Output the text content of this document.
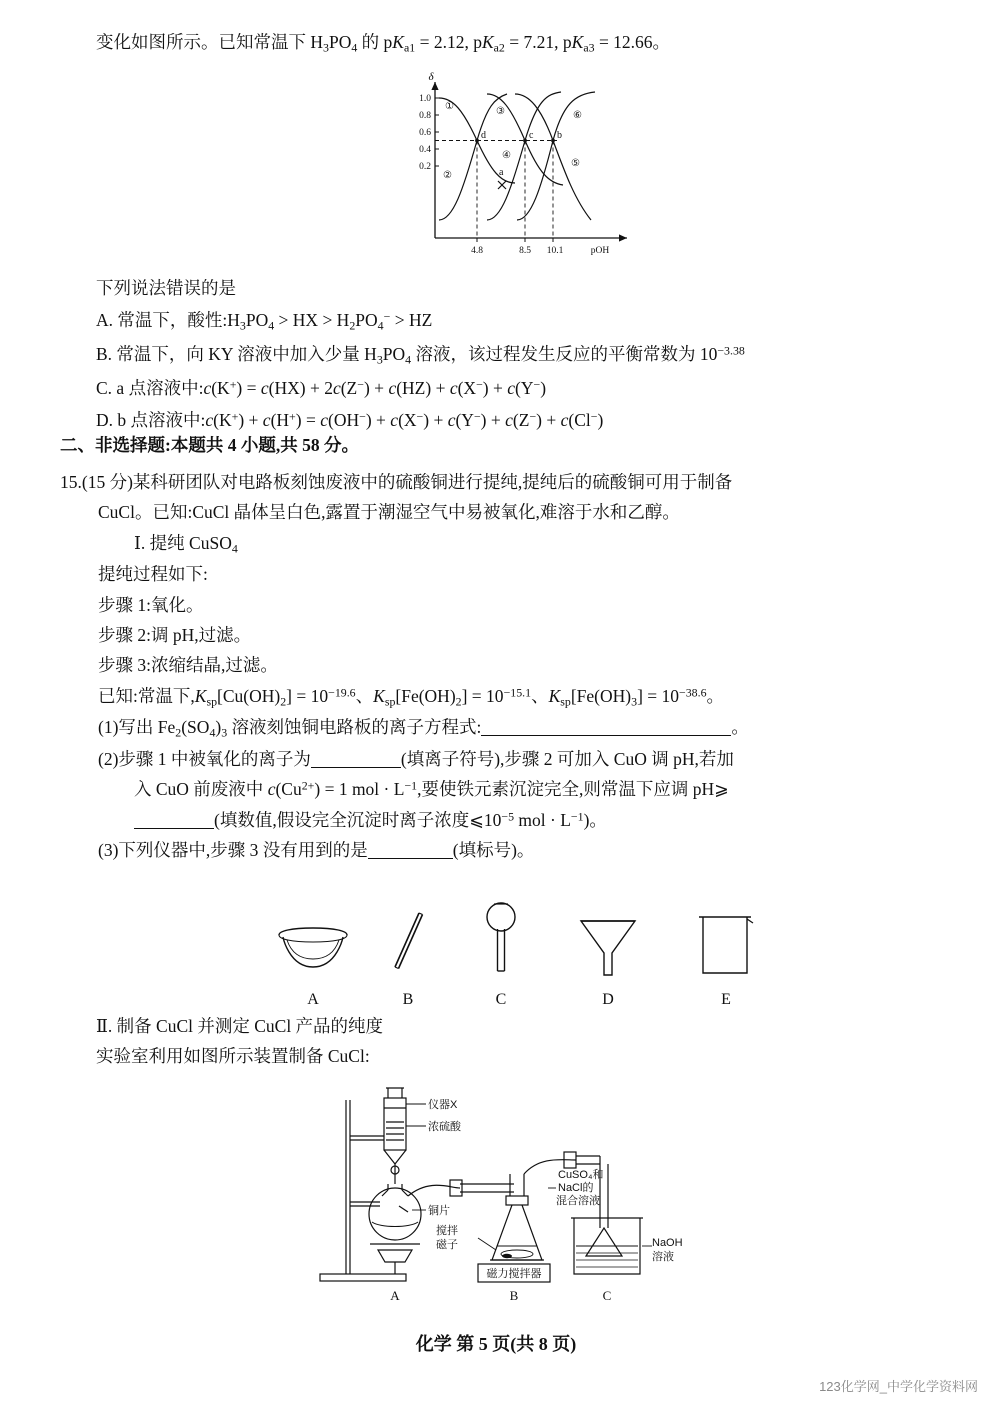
变化如图所示。已知常温下 $H_3PO_4$ 的 $pK_{a1} = 2.12$, $pK_{a2} = 7.21$, $pK_{a3} = 12.66$。
δ
1.0
0.8
0.6
0.4
0.2
4.8	8.5 10.1	pOH
①
②
③
④
⑤
⑥
d	c b
a
下列说法错误的是
A. 常温下，酸性$:H_3PO_4$ > HX > $H_2PO_4^-$ > HZ
B. 常温下，向 KY 溶液中加入少量 $H_3PO_4$ 溶液，该过程发生反应的平衡常数为 $10^{-3.38}$
C. a 点溶液中:c(K+) = c(HX) + 2c(Z−) + c(HZ) + c(X−) + c(Y−)
D. b 点溶液中:c(K+) + c(H+) = c(OH−) + c(X−) + c(Y−) + c(Z−) + c(Cl−)
二、非选择题:本题共 4 小题,共 58 分。
15.(15 分)某科研团队对电路板刻蚀废液中的硫酸铜进行提纯,提纯后的硫酸铜可用于制备
CuCl。已知:CuCl 晶体呈白色,露置于潮湿空气中易被氧化,难溶于水和乙醇。
Ⅰ. 提纯 CuSO$_4$
提纯过程如下:
步骤 1:氧化。
步骤 2:调 pH,过滤。
步骤 3:浓缩结晶,过滤。
已知:常温下$,K_{sp}[Cu(OH)_2] = 10^{-19.6}$、$K_{sp}[Fe(OH)_2] = 10^{-15.1}$、$K_{sp}[Fe(OH)_3] = 10^{-38.6}$。
(1)写出 $Fe_2(SO_4)_3$ 溶液刻蚀铜电路板的离子方程式:	。
(2)步骤 1 中被氧化的离子为	(填离子符号),步骤 2 可加入 CuO 调 pH,若加
入 CuO 前废液中 $c(Cu^{2+}) = 1$ mol · $L^{-1}$,要使铁元素沉淀完全,则常温下应调 pH⩾
(填数值,假设完全沉淀时离子浓度$⩽10^{-5}$ mol · $L^{-1}$)。
(3)下列仪器中,步骤 3 没有用到的是	(填标号)。
A	B	C	D	E
Ⅱ. 制备 CuCl 并测定 CuCl 产品的纯度
实验室利用如图所示装置制备 CuCl:
仪器X
浓硫酸
铜片
搅拌
磁子
CuSO₄和
NaCl的
混合溶液
NaOH
溶液
磁力搅拌器
A	B	C
化学 第 5 页(共 8 页)
123化学网_中学化学资料网
